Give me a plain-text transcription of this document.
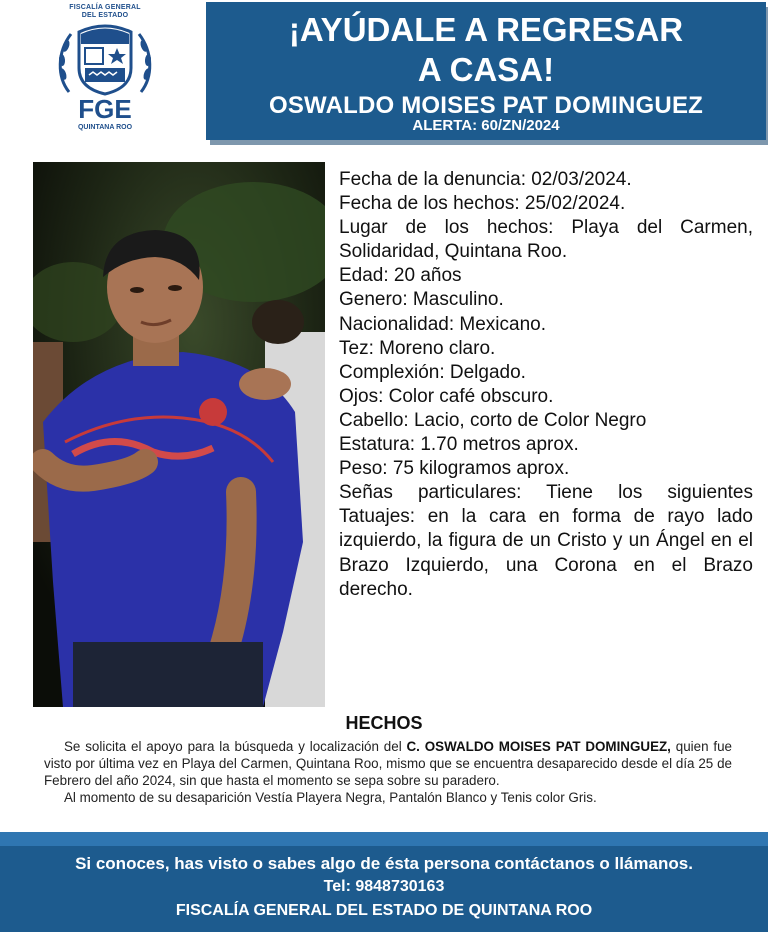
FISCALÍA GENERAL
DEL ESTADO
FGE
QUINTANA ROO
¡AYÚDALE A REGRESAR
A CASA!
OSWALDO MOISES PAT DOMINGUEZ
ALERTA: 60/ZN/2024
Fecha de la denuncia: 02/03/2024.
Fecha de los hechos: 25/02/2024.
Lugar de los hechos: Playa del Carmen, Solidaridad, Quintana Roo.
Edad: 20 años
Genero: Masculino.
Nacionalidad: Mexicano.
Tez: Moreno claro.
Complexión: Delgado.
Ojos: Color café obscuro.
Cabello: Lacio, corto de Color Negro
Estatura: 1.70 metros aprox.
Peso: 75 kilogramos aprox.
Señas particulares: Tiene los siguientes Tatuajes: en la cara en forma de rayo lado izquierdo, la figura de un Cristo y un Ángel en el Brazo Izquierdo, una Corona en el Brazo derecho.
HECHOS

Se solicita el apoyo para la búsqueda y localización del C. OSWALDO MOISES PAT DOMINGUEZ, quien fue visto por última vez en Playa del Carmen, Quintana Roo, mismo que se encuentra desaparecido desde el día 25 de Febrero del año 2024, sin que hasta el momento se sepa sobre su paradero.

Al momento de su desaparición Vestía Playera Negra, Pantalón Blanco y Tenis color Gris.

Si conoces, has visto o sabes algo de ésta persona contáctanos o llámanos.
Tel: 9848730163
FISCALÍA GENERAL DEL ESTADO DE QUINTANA ROO
